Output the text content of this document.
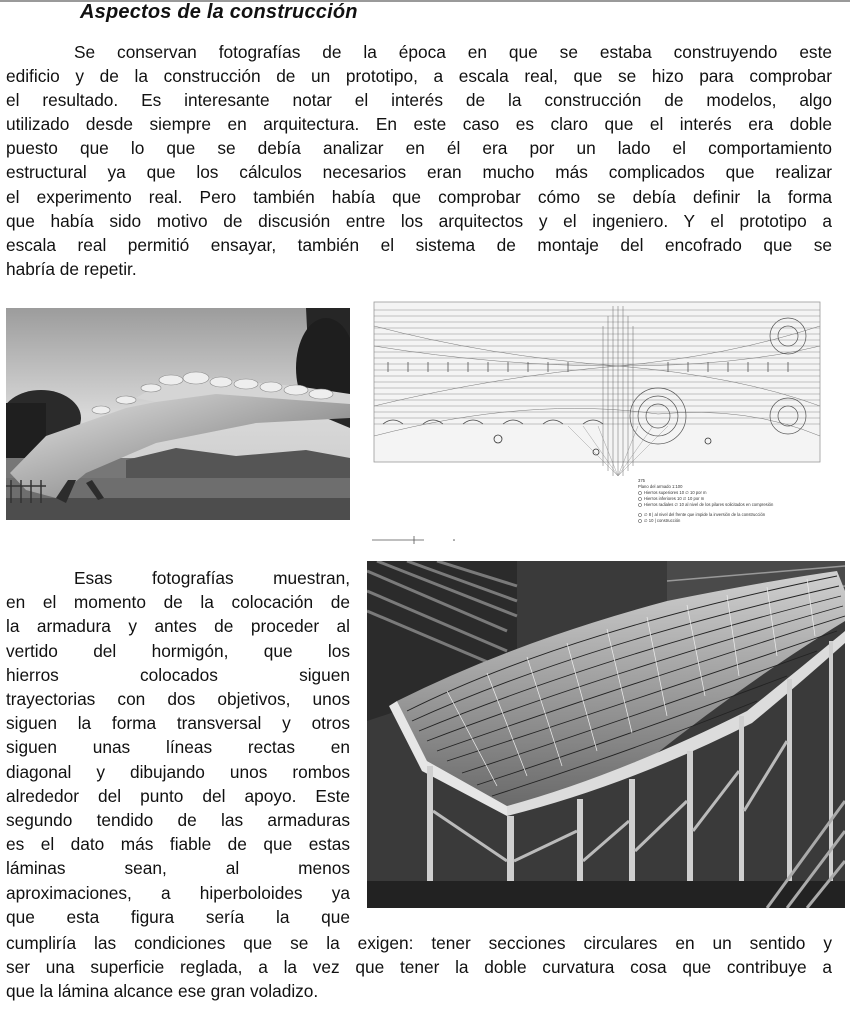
Aspectos de la construcción

Se conservan fotografías de la época en que se estaba construyendo este
edificio y de la construcción de un prototipo, a escala real, que se hizo para comprobar
el resultado. Es interesante notar el interés de la construcción de modelos, algo
utilizado desde siempre en arquitectura. En este caso es claro que el interés era doble
puesto que lo que se debía analizar en él era por un lado el comportamiento
estructural ya que los cálculos necesarios eran mucho más complicados que realizar
el experimento real. Pero también había que comprobar cómo se debía definir la forma
que había sido motivo de discusión entre los arquitectos y el ingeniero. Y el prototipo a
escala real permitió ensayar, también el sistema de montaje del encofrado que se
habría de repetir.

375
Plano del armado 1:100
Hierros superiores 10 ∅ 10 por m
Hierros inferiores 10 ∅ 10 por m
Hierros radiales ∅ 10 al nivel de los pilares solicitados en compresión
∅ 8 | al nivel del frente que impide la inversión de la construcción
∅ 10 | construcción

Esas fotografías muestran,
en el momento de la colocación de
la armadura y antes de proceder al
vertido del hormigón, que los
hierros colocados siguen
trayectorias con dos objetivos, unos
siguen la forma transversal y otros
siguen unas líneas rectas en
diagonal y dibujando unos rombos
alrededor del punto del apoyo. Este
segundo tendido de las armaduras
es el dato más fiable de que estas
láminas sean, al menos
aproximaciones, a hiperboloides ya
que esta figura sería la que

cumpliría las condiciones que se la exigen: tener secciones circulares en un sentido y
ser una superficie reglada, a la vez que tener la doble curvatura cosa que contribuye a
que la lámina alcance ese gran voladizo.
